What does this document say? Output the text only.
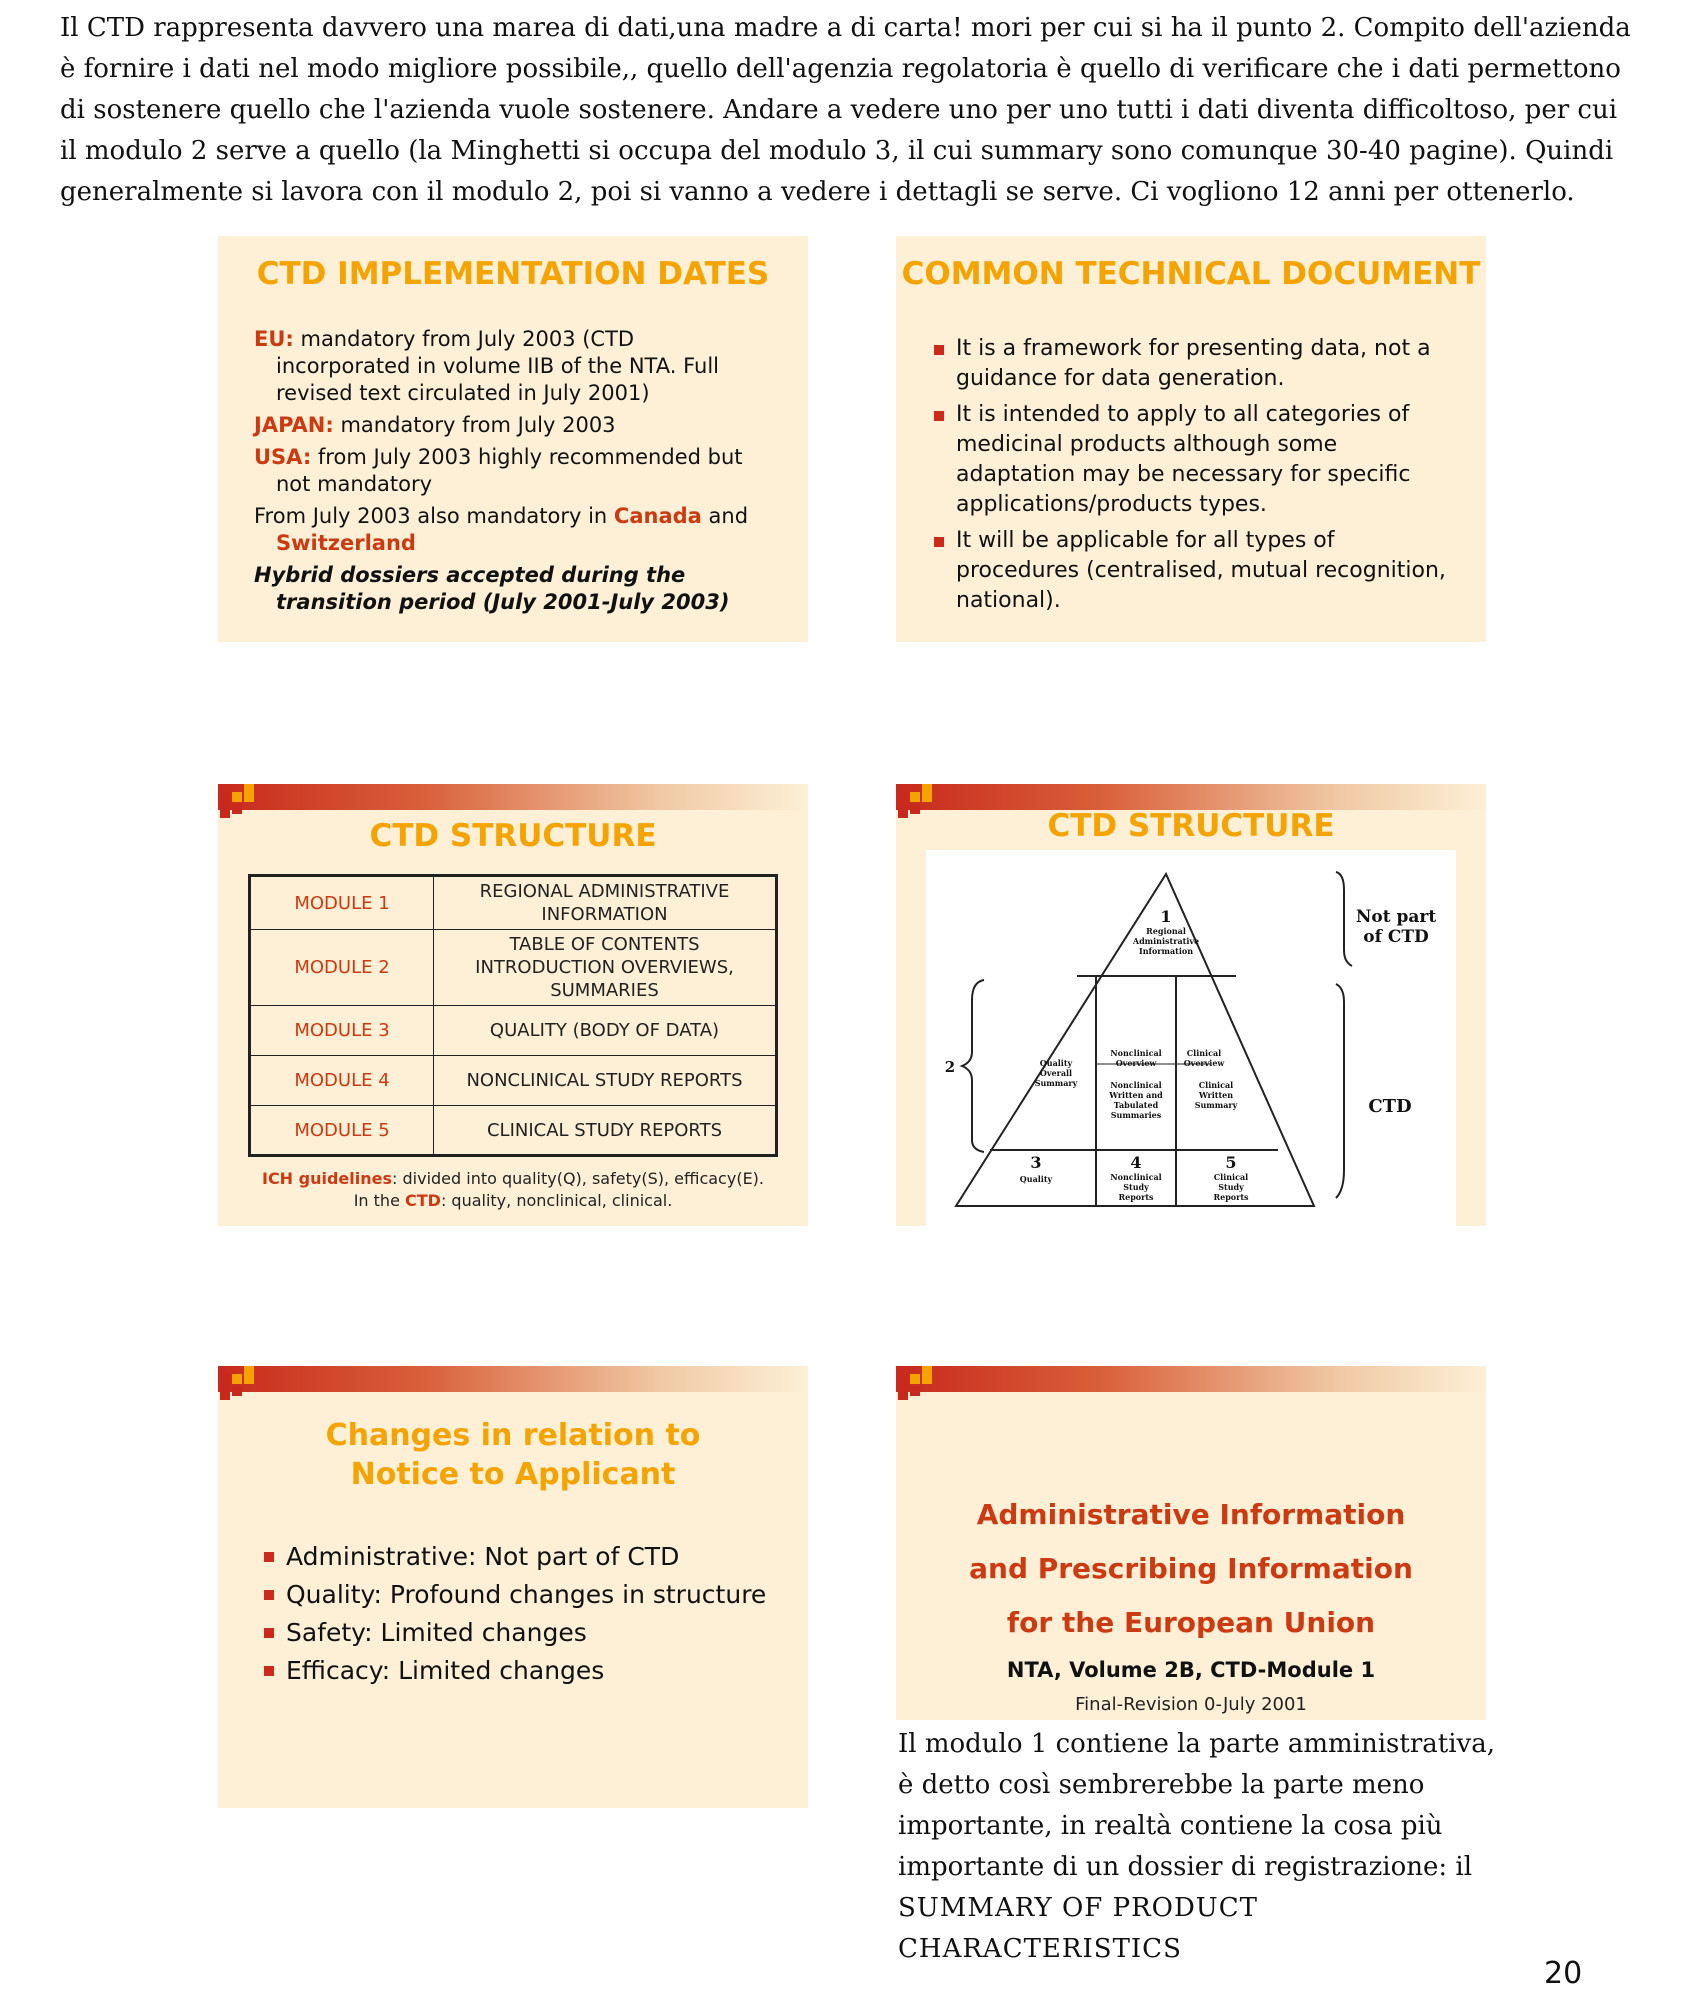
Il CTD rappresenta davvero una marea di dati,una madre a di carta! mori per cui si ha il punto 2. Compito dell'azienda è fornire i dati nel modo migliore possibile,, quello dell'agenzia regolatoria è quello di verificare che i dati permettono di sostenere quello che l'azienda vuole sostenere. Andare a vedere uno per uno tutti i dati diventa difficoltoso, per cui il modulo 2 serve a quello (la Minghetti si occupa del modulo 3, il cui summary sono comunque 30-40 pagine). Quindi generalmente si lavora con il modulo 2, poi si vanno a vedere i dettagli se serve. Ci vogliono 12 anni per ottenerlo.

CTD IMPLEMENTATION DATES

EU: mandatory from July 2003 (CTD incorporated in volume IIB of the NTA. Full revised text circulated in July 2001)

JAPAN: mandatory from July 2003

USA: from July 2003 highly recommended but not mandatory

From July 2003 also mandatory in Canada and Switzerland

Hybrid dossiers accepted during the transition period (July 2001-July 2003)

COMMON TECHNICAL DOCUMENT
It is a framework for presenting data, not a guidance for data generation.
It is intended to apply to all categories of medicinal products although some adaptation may be necessary for specific applications/products types.
It will be applicable for all types of procedures (centralised, mutual recognition, national).
CTD STRUCTURE
MODULE 1	REGIONAL ADMINISTRATIVE INFORMATION
MODULE 2	TABLE OF CONTENTS INTRODUCTION OVERVIEWS, SUMMARIES
MODULE 3	QUALITY (BODY OF DATA)
MODULE 4	NONCLINICAL STUDY REPORTS
MODULE 5	CLINICAL STUDY REPORTS
ICH guidelines: divided into quality(Q), safety(S), efficacy(E).
In the CTD: quality, nonclinical, clinical.
CTD STRUCTURE
1
Regional
Administrative
Information
Quality
Overall
Summary
Nonclinical
Overview
Clinical
Overview
Nonclinical
Written and
Tabulated
Summaries
Clinical
Written
Summary
3
Quality
4
Nonclinical
Study
Reports
5
Clinical
Study
Reports
2
Not part
of CTD
CTD
Changes in relation to
Notice to Applicant
Administrative: Not part of CTD
Quality: Profound changes in structure
Safety: Limited changes
Efficacy: Limited changes
Administrative Information
and Prescribing Information
for the European Union
NTA, Volume 2B, CTD-Module 1
Final-Revision 0-July 2001

Il modulo 1 contiene la parte amministrativa, è detto così sembrerebbe la parte meno importante, in realtà contiene la cosa più importante di un dossier di registrazione: il SUMMARY OF PRODUCT CHARACTERISTICS

20
